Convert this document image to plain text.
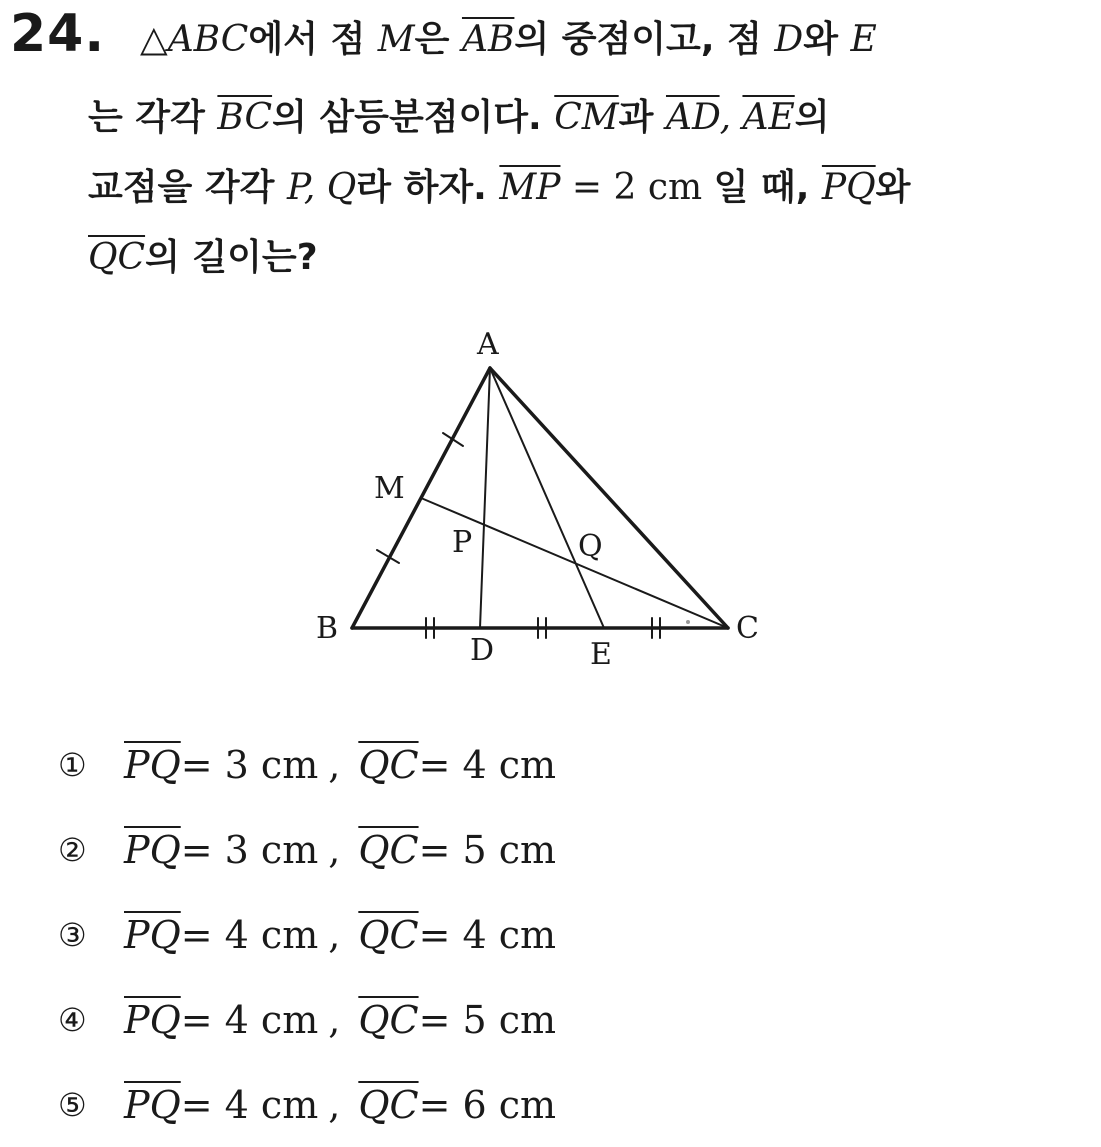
24. △ABC에서 점 M은 $\overline{AB}$의 중점이고, 점 D와 E
는 각각 $\overline{BC}$의 삼등분점이다. $\overline{CM}$과 $\overline{AD}$, $\overline{AE}$의
교점을 각각 P, Q라 하자. $\overline{MP} = 2$ cm 일 때, $\overline{PQ}$와
$\overline{QC}$의 길이는?
A
B	C
D	E
M
P	Q
① $\overline{PQ} = 3$ cm , $\overline{QC} = 4$ cm
② $\overline{PQ} = 3$ cm , $\overline{QC} = 5$ cm
③ $\overline{PQ} = 4$ cm , $\overline{QC} = 4$ cm
④ $\overline{PQ} = 4$ cm , $\overline{QC} = 5$ cm
⑤ $\overline{PQ} = 4$ cm , $\overline{QC} = 6$ cm
